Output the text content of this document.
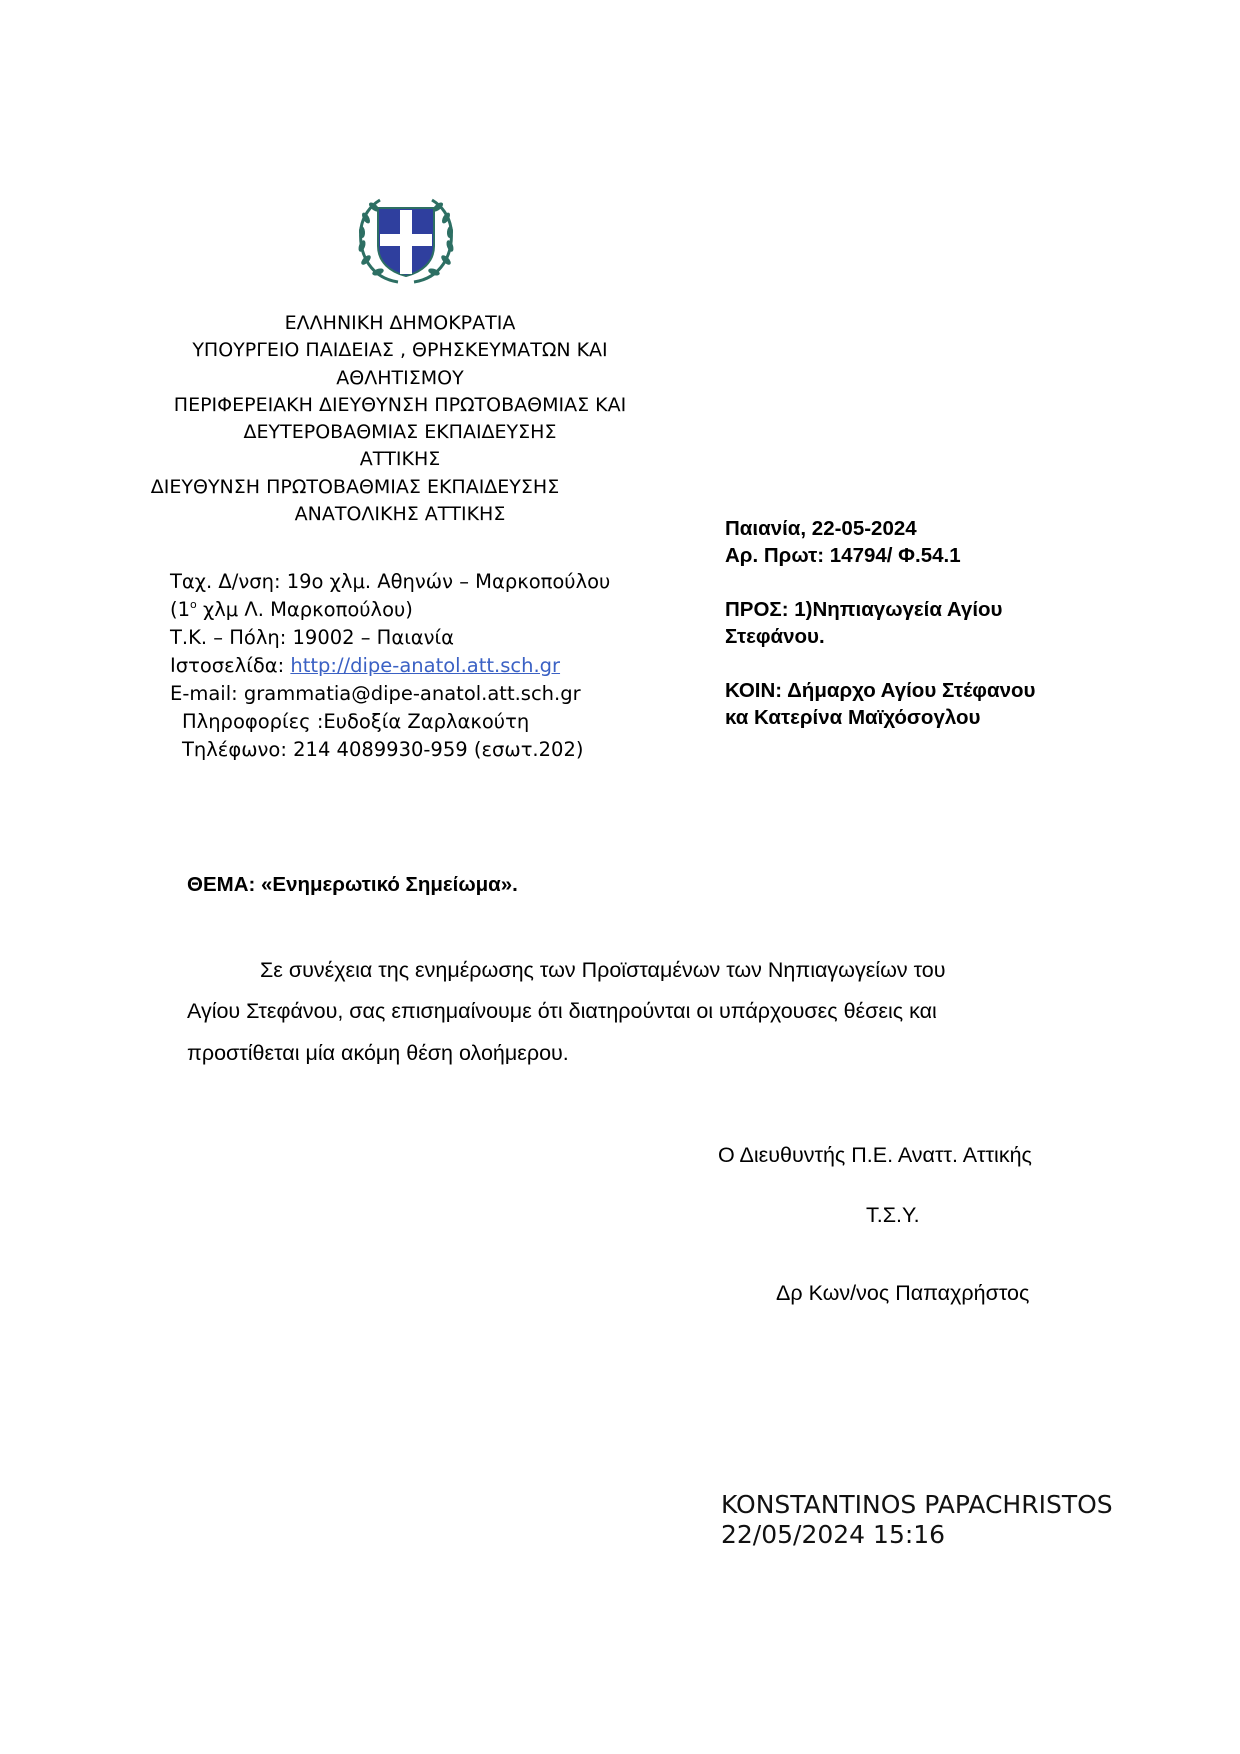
ΕΛΛΗΝΙΚΗ ΔΗΜΟΚΡΑΤΙΑ
ΥΠΟΥΡΓΕΙΟ ΠΑΙΔΕΙΑΣ , ΘΡΗΣΚΕΥΜΑΤΩΝ ΚΑΙ
ΑΘΛΗΤΙΣΜΟΥ
ΠΕΡΙΦΕΡΕΙΑΚΗ ΔΙΕΥΘΥΝΣΗ ΠΡΩΤΟΒΑΘΜΙΑΣ ΚΑΙ
ΔΕΥΤΕΡΟΒΑΘΜΙΑΣ ΕΚΠΑΙΔΕΥΣΗΣ
ΑΤΤΙΚΗΣ
ΔΙΕΥΘΥΝΣΗ ΠΡΩΤΟΒΑΘΜΙΑΣ ΕΚΠΑΙΔΕΥΣΗΣ
ΑΝΑΤΟΛΙΚΗΣ ΑΤΤΙΚΗΣ
Ταχ. Δ/νση: 19ο χλμ. Αθηνών – Μαρκοπούλου
($1^o$ χλμ Λ. Μαρκοπούλου)
Τ.Κ. – Πόλη: 19002 – Παιανία
Ιστοσελίδα: http://dipe-anatol.att.sch.gr
E-mail: grammatia@dipe-anatol.att.sch.gr
Πληροφορίες :Ευδοξία Ζαρλακούτη
Τηλέφωνο: 214 4089930-959 (εσωτ.202)
Παιανία, 22-05-2024
Αρ. Πρωτ: 14794/ Φ.54.1
ΠΡΟΣ: 1)Νηπιαγωγεία Αγίου
Στεφάνου.
ΚΟΙΝ: Δήμαρχο Αγίου Στέφανου
κα Κατερίνα Μαϊχόσογλου
ΘΕΜΑ: «Ενημερωτικό Σημείωμα».
Σε συνέχεια της ενημέρωσης των Προϊσταμένων των Νηπιαγωγείων του
Αγίου Στεφάνου, σας επισημαίνουμε ότι διατηρούνται οι υπάρχουσες θέσεις και
προστίθεται μία ακόμη θέση ολοήμερου.
Ο Διευθυντής Π.Ε. Αναττ. Αττικής
Τ.Σ.Υ.
Δρ Κων/νος Παπαχρήστος
KONSTANTINOS PAPACHRISTOS
22/05/2024 15:16
